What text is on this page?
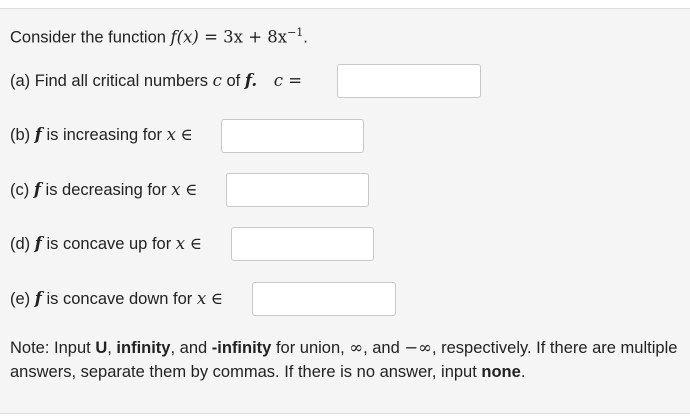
Consider the function $f(x) = 3x + 8x^{-1}$.
(a) Find all critical numbers c of f. c =
(b) f is increasing for x ∈
(c) f is decreasing for x ∈
(d) f is concave up for x ∈
(e) f is concave down for x ∈
Note: Input U, infinity, and -infinity for union, ∞, and −∞, respectively. If there are multiple answers, separate them by commas. If there is no answer, input none.
